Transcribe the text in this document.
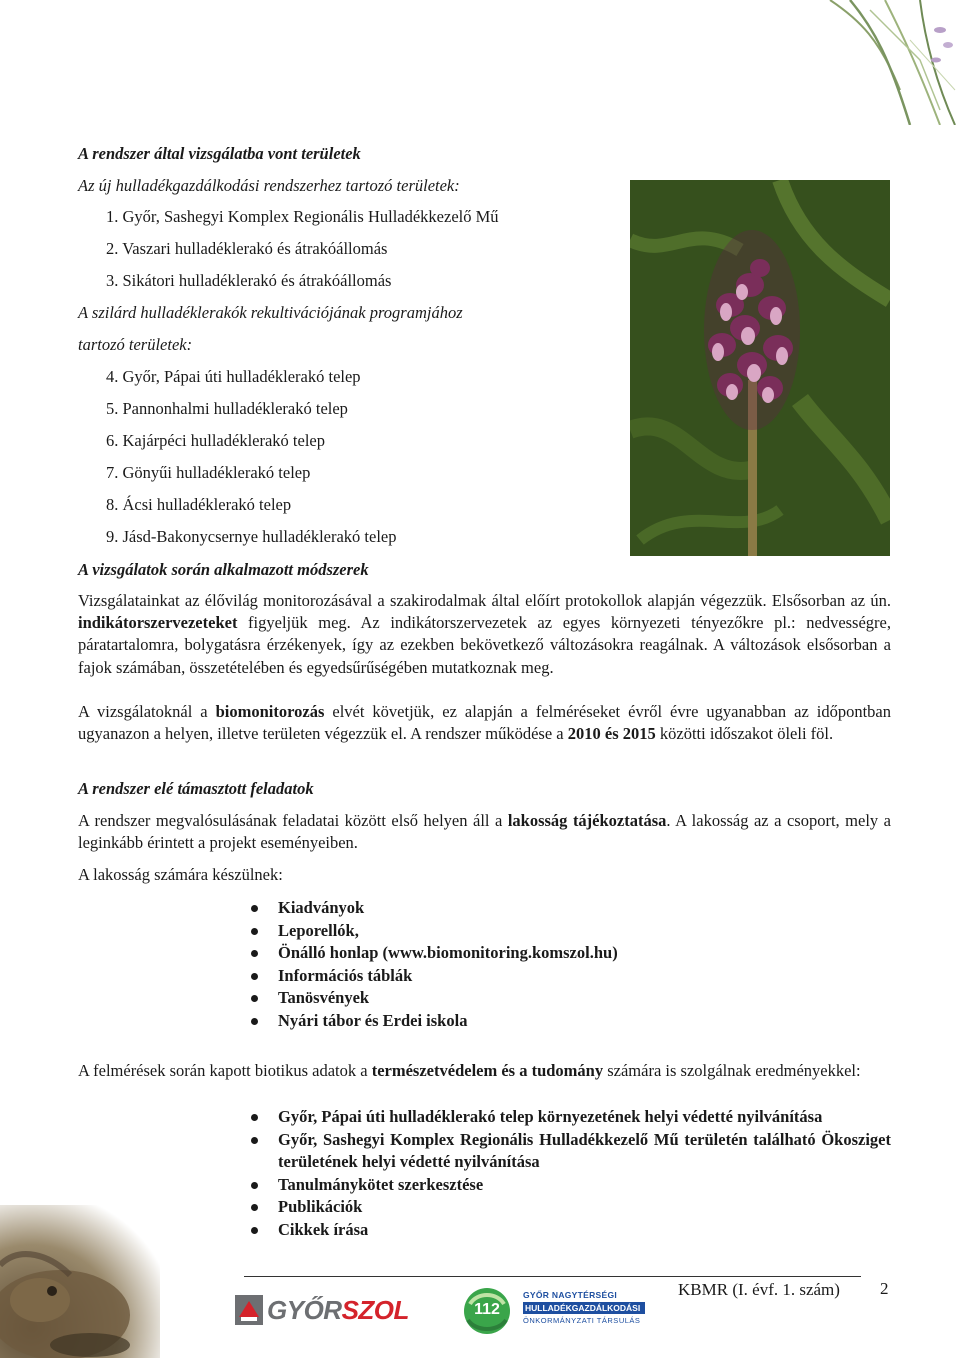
A rendszer által vizsgálatba vont területek
Az új hulladékgazdálkodási rendszerhez tartozó területek:
1. Győr, Sashegyi Komplex Regionális Hulladékkezelő Mű
2. Vaszari hulladéklerakó és átrakóállomás
3. Sikátori hulladéklerakó és átrakóállomás
A szilárd hulladéklerakók rekultivációjának programjához
tartozó területek:
4. Győr, Pápai úti hulladéklerakó telep
5. Pannonhalmi hulladéklerakó telep
6. Kajárpéci hulladéklerakó telep
7. Gönyűi hulladéklerakó telep
8. Ácsi hulladéklerakó telep
9. Jásd-Bakonycsernye hulladéklerakó telep
A vizsgálatok során alkalmazott módszerek
Vizsgálatainkat az élővilág monitorozásával a szakirodalmak által előírt protokollok alapján végezzük. Elsősorban az ún. indikátorszervezeteket figyeljük meg. Az indikátorszervezetek az egyes környezeti tényezőkre pl.: nedvességre, páratartalomra, bolygatásra érzékenyek, így az ezekben bekövetkező változásokra reagálnak. A változások elsősorban a fajok számában, összetételében és egyedsűrűségében mutatkoznak meg.
A vizsgálatoknál a biomonitorozás elvét követjük, ez alapján a felméréseket évről évre ugyanabban az időpontban ugyanazon a helyen, illetve területen végezzük el. A rendszer működése a 2010 és 2015 közötti időszakot öleli föl.
A rendszer elé támasztott feladatok
A rendszer megvalósulásának feladatai között első helyen áll a lakosság tájékoztatása. A lakosság az a csoport, mely a leginkább érintett a projekt eseményeiben.
A lakosság számára készülnek:
Kiadványok
Leporellók,
Önálló honlap (www.biomonitoring.komszol.hu)
Információs táblák
Tanösvények
Nyári tábor és Erdei iskola
A felmérések során kapott biotikus adatok a természetvédelem és a tudomány számára is szolgálnak eredményekkel:
Győr, Pápai úti hulladéklerakó telep környezetének helyi védetté nyilvánítása
Győr, Sashegyi Komplex Regionális Hulladékkezelő Mű területén található Ökosziget területének helyi védetté nyilvánítása
Tanulmánykötet szerkesztése
Publikációk
Cikkek írása
KBMR (I. évf. 1. szám) 2
GYŐRSZOL	112
GYŐR NAGYTÉRSÉGI
HULLADÉKGAZDÁLKODÁSI
ÖNKORMÁNYZATI TÁRSULÁS
